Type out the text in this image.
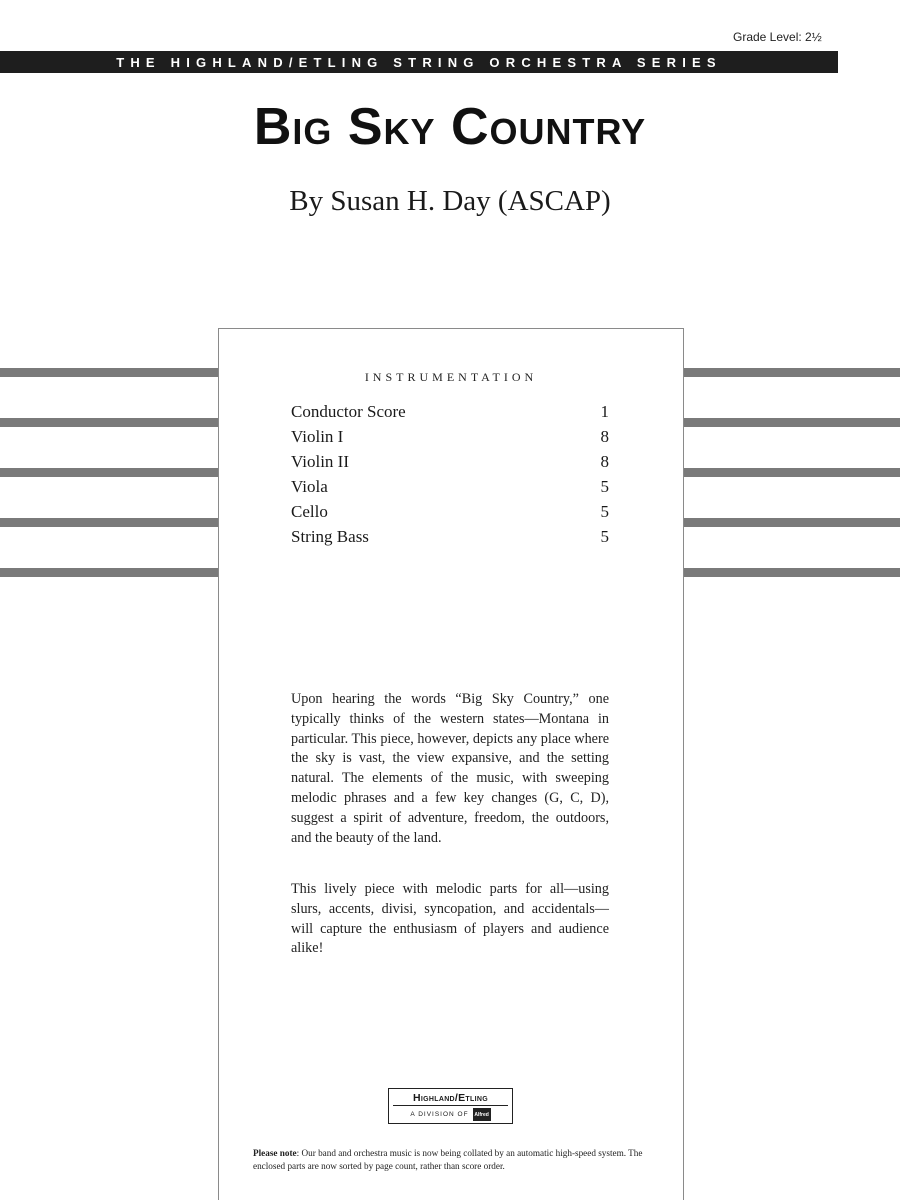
Grade Level: 2½
THE HIGHLAND/ETLING STRING ORCHESTRA SERIES
Big Sky Country
By Susan H. Day (ASCAP)
INSTRUMENTATION
Conductor Score	1
Violin I	8
Violin II	8
Viola	5
Cello	5
String Bass	5

Upon hearing the words “Big Sky Country,” one typically thinks of the western states—Montana in particular. This piece, however, depicts any place where the sky is vast, the view expansive, and the setting natural. The elements of the music, with sweeping melodic phrases and a few key changes (G, C, D), suggest a spirit of adventure, freedom, the outdoors, and the beauty of the land.

This lively piece with melodic parts for all—using slurs, accents, divisi, syncopation, and accidentals—will capture the enthusiasm of players and audience alike!

Highland/Etling
A DIVISION OF Alfred

Please note: Our band and orchestra music is now being collated by an automatic high-speed system. The enclosed parts are now sorted by page count, rather than score order.
